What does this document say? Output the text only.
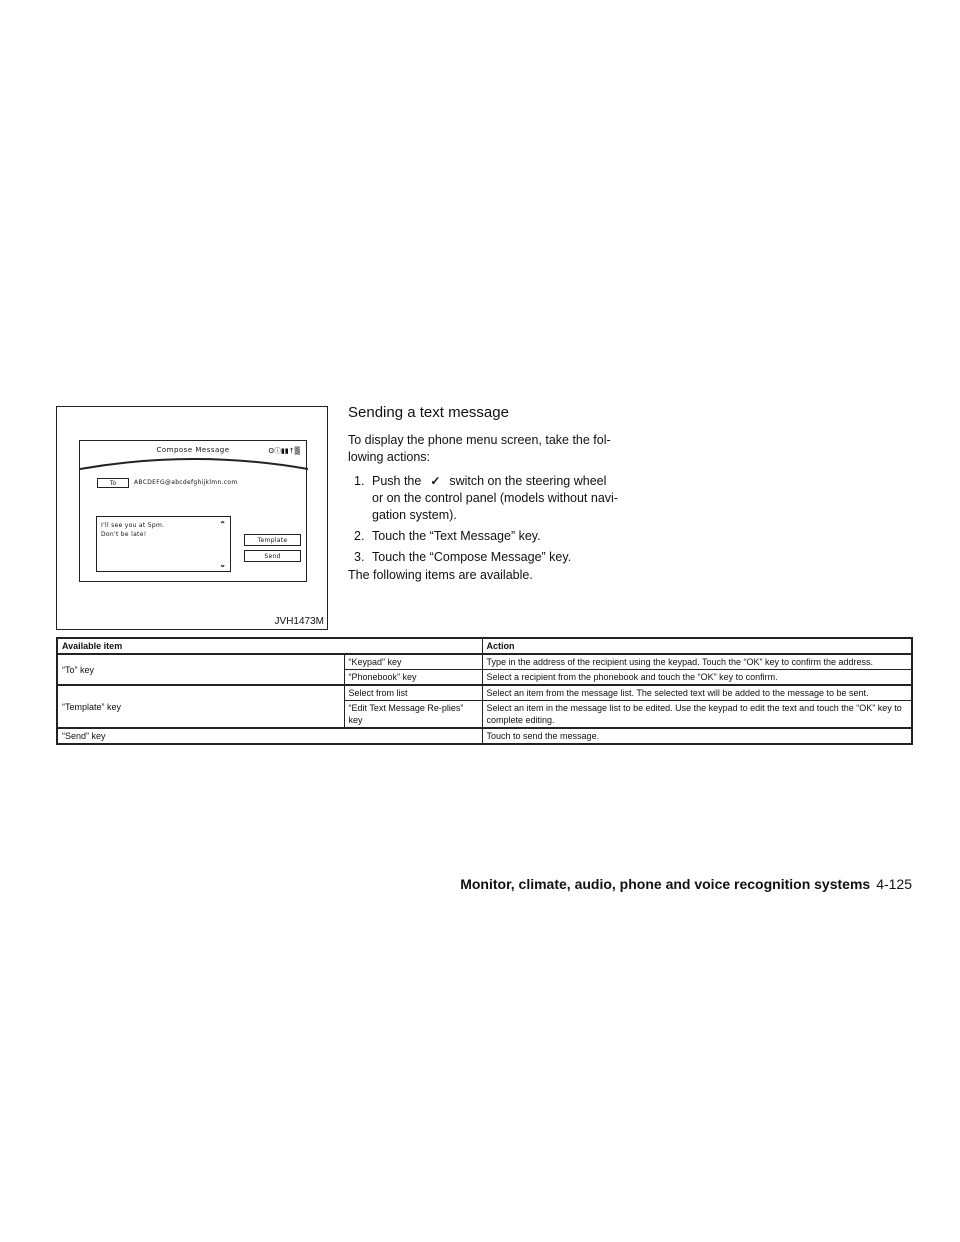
Compose Message	ʘⓘ▮▮↑▒
To	ABCDEFG@abcdefghijklmn.com
I'll see you at 5pm.
Don't be late!
⌃
⌄
Template
Send
JVH1473M
Sending a text message
To display the phone menu screen, take the fol-
lowing actions:
1. Push the ✓ switch on the steering wheel
or on the control panel (models without navi-
gation system).
2. Touch the “Text Message” key.
3. Touch the “Compose Message” key.
The following items are available.
Available item		Action
“To” key	“Keypad” key	Type in the address of the recipient using the keypad. Touch the “OK” key to confirm the address.
	“Phonebook” key	Select a recipient from the phonebook and touch the “OK” key to confirm.
“Template” key	Select from list	Select an item from the message list. The selected text will be added to the message to be sent.
	“Edit Text Message Re-plies” key	Select an item in the message list to be edited. Use the keypad to edit the text and touch the “OK” key to complete editing.
“Send” key		Touch to send the message.
Monitor, climate, audio, phone and voice recognition systems 4-125
